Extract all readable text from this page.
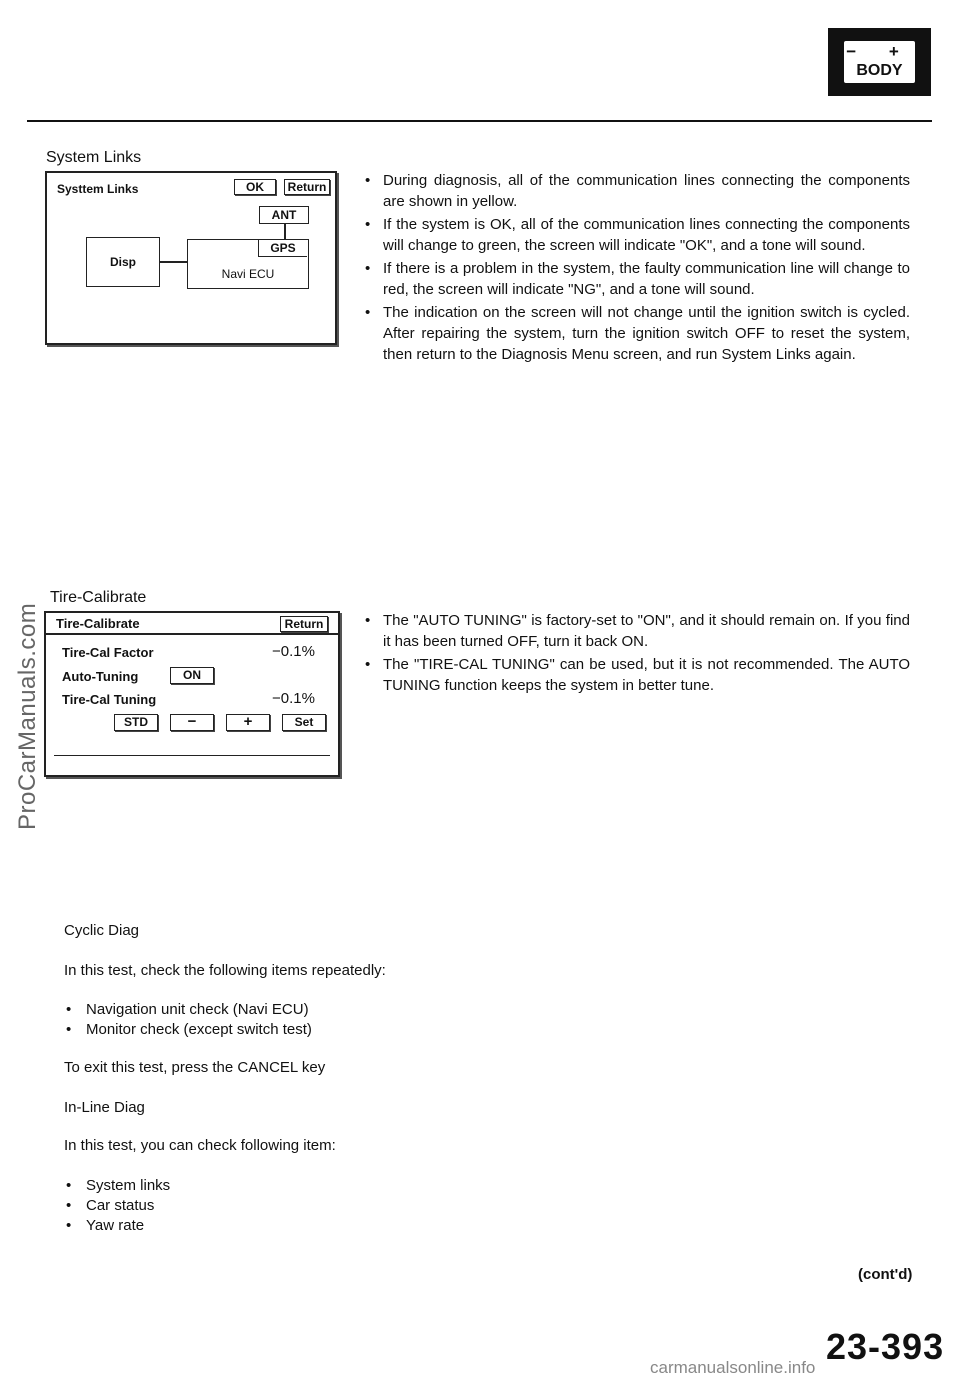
− +
BODY
System Links
Systtem Links	OK	Return
ANT
GPS
Navi ECU
Disp
• During diagnosis, all of the communication lines connecting the components are shown in yellow.
• If the system is OK, all of the communication lines connecting the components will change to green, the screen will indicate "OK", and a tone will sound.
• If there is a problem in the system, the faulty communication line will change to red, the screen will indicate "NG", and a tone will sound.
• The indication on the screen will not change until the ignition switch is cycled. After repairing the system, turn the ignition switch OFF to reset the system, then return to the Diagnosis Menu screen, and run System Links again.
Tire-Calibrate
Tire-Calibrate	Return
Tire-Cal Factor	−0.1%
Auto-Tuning	ON
Tire-Cal Tuning	−0.1%
STD	−	+	Set
• The "AUTO TUNING" is factory-set to "ON", and it should remain on. If you find it has been turned OFF, turn it back ON.
• The "TIRE-CAL TUNING" can be used, but it is not recommended. The AUTO TUNING function keeps the system in better tune.
Cyclic Diag
In this test, check the following items repeatedly:
• Navigation unit check (Navi ECU)
• Monitor check (except switch test)
To exit this test, press the CANCEL key
In-Line Diag
In this test, you can check following item:
• System links
• Car status
• Yaw rate
ProCarManuals.com
(cont'd)
23-393
carmanualsonline.info
